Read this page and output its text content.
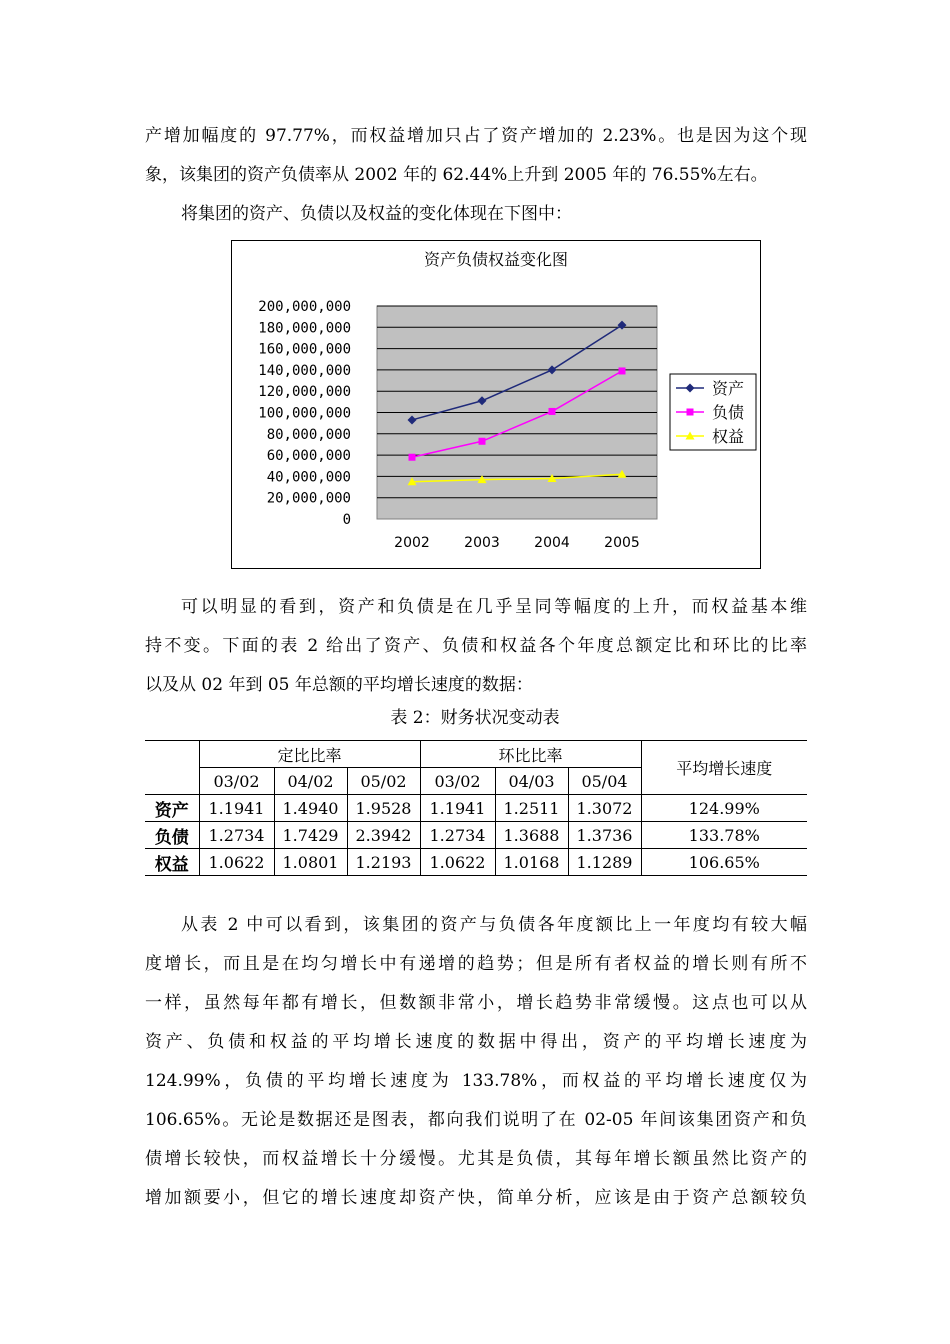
产增加幅度的 97.77%，而权益增加只占了资产增加的 2.23%。也是因为这个现
象，该集团的资产负债率从 2002 年的 62.44%上升到 2005 年的 76.55%左右。
将集团的资产、负债以及权益的变化体现在下图中：
资产负债权益变化图
0
20,000,000
40,000,000
60,000,000
80,000,000
100,000,000
120,000,000
140,000,000
160,000,000
180,000,000
200,000,000
2002 2003 2004 2005
资产
负债
权益
可以明显的看到，资产和负债是在几乎呈同等幅度的上升，而权益基本维
持不变。下面的表 2 给出了资产、负债和权益各个年度总额定比和环比的比率
以及从 02 年到 05 年总额的平均增长速度的数据：
表 2：财务状况变动表
	定比比率			环比比率			平均增长速度
	03/02	04/02	05/02	03/02	04/03	05/04	
资产	1.1941	1.4940	1.9528	1.1941	1.2511	1.3072	124.99%
负债	1.2734	1.7429	2.3942	1.2734	1.3688	1.3736	133.78%
权益	1.0622	1.0801	1.2193	1.0622	1.0168	1.1289	106.65%
从表 2 中可以看到，该集团的资产与负债各年度额比上一年度均有较大幅
度增长，而且是在均匀增长中有递增的趋势；但是所有者权益的增长则有所不
一样，虽然每年都有增长，但数额非常小，增长趋势非常缓慢。这点也可以从
资产、负债和权益的平均增长速度的数据中得出，资产的平均增长速度为
124.99%，负债的平均增长速度为 133.78%，而权益的平均增长速度仅为
106.65%。无论是数据还是图表，都向我们说明了在 02-05 年间该集团资产和负
债增长较快，而权益增长十分缓慢。尤其是负债，其每年增长额虽然比资产的
增加额要小，但它的增长速度却资产快，简单分析，应该是由于资产总额较负
